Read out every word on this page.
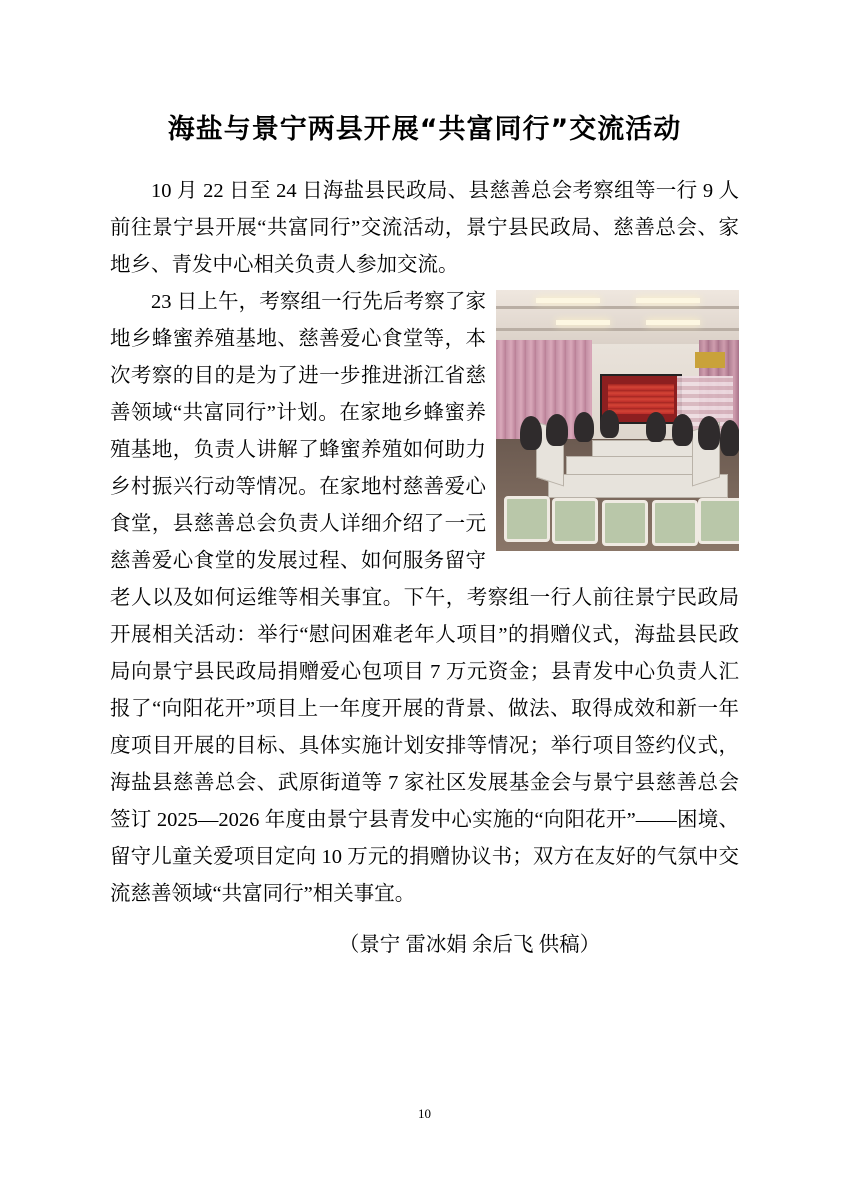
海盐与景宁两县开展“共富同行”交流活动

10 月 22 日至 24 日海盐县民政局、县慈善总会考察组等一行 9 人前往景宁县开展“共富同行”交流活动，景宁县民政局、慈善总会、家地乡、青发中心相关负责人参加交流。

23 日上午，考察组一行先后考察了家地乡蜂蜜养殖基地、慈善爱心食堂等，本次考察的目的是为了进一步推进浙江省慈善领域“共富同行”计划。在家地乡蜂蜜养殖基地，负责人讲解了蜂蜜养殖如何助力乡村振兴行动等情况。在家地村慈善爱心食堂，县慈善总会负责人详细介绍了一元慈善爱心食堂的发展过程、如何服务留守老人以及如何运维等相关事宜。下午，考察组一行人前往景宁民政局开展相关活动：举行“慰问困难老年人项目”的捐赠仪式，海盐县民政局向景宁县民政局捐赠爱心包项目 7 万元资金；县青发中心负责人汇报了“向阳花开”项目上一年度开展的背景、做法、取得成效和新一年度项目开展的目标、具体实施计划安排等情况；举行项目签约仪式，海盐县慈善总会、武原街道等 7 家社区发展基金会与景宁县慈善总会签订 2025—2026 年度由景宁县青发中心实施的“向阳花开”——困境、留守儿童关爱项目定向 10 万元的捐赠协议书；双方在友好的气氛中交流慈善领域“共富同行”相关事宜。

（景宁 雷冰娟 余后飞 供稿）

10
